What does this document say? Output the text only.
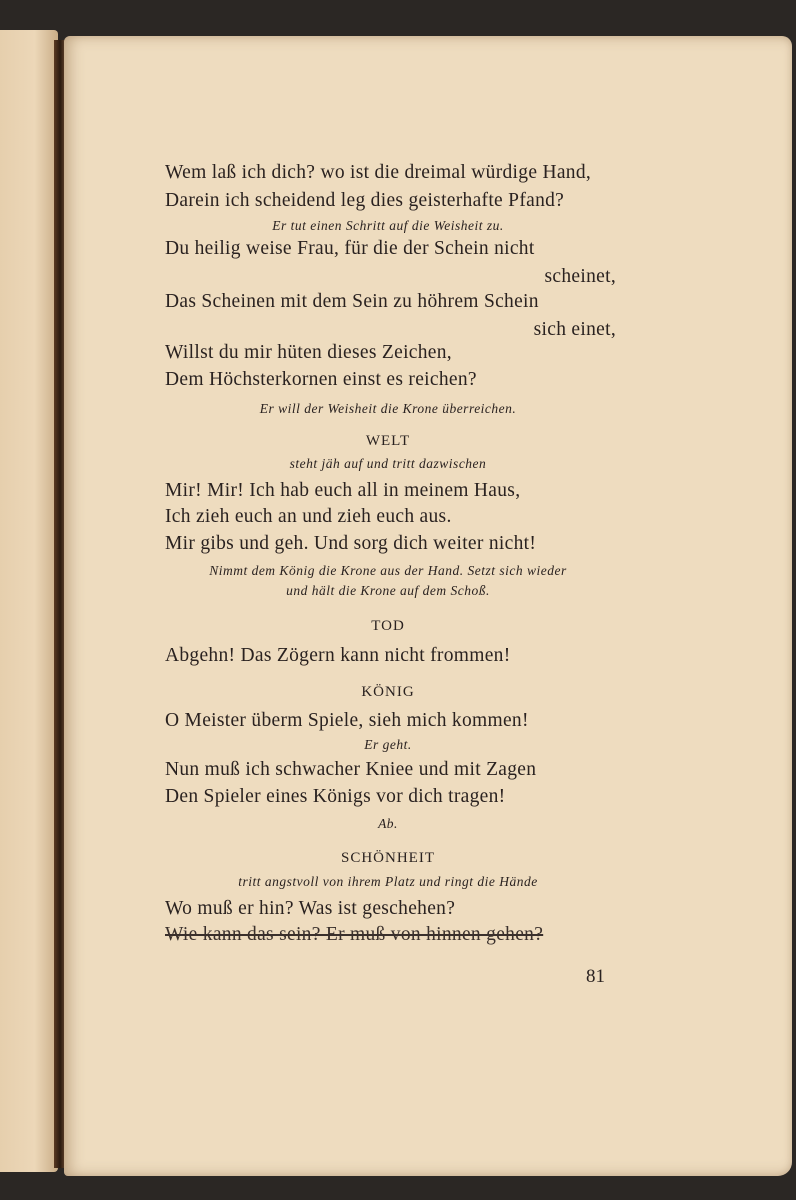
Wem laß ich dich? wo ist die dreimal würdige Hand,
Darein ich scheidend leg dies geisterhafte Pfand?
Er tut einen Schritt auf die Weisheit zu.
Du heilig weise Frau, für die der Schein nicht
scheinet,
Das Scheinen mit dem Sein zu höhrem Schein
sich einet,
Willst du mir hüten dieses Zeichen,
Dem Höchsterkornen einst es reichen?
Er will der Weisheit die Krone überreichen.
WELT
steht jäh auf und tritt dazwischen
Mir! Mir! Ich hab euch all in meinem Haus,
Ich zieh euch an und zieh euch aus.
Mir gibs und geh. Und sorg dich weiter nicht!
Nimmt dem König die Krone aus der Hand. Setzt sich wieder
und hält die Krone auf dem Schoß.
TOD
Abgehn! Das Zögern kann nicht frommen!
KÖNIG
O Meister überm Spiele, sieh mich kommen!
Er geht.
Nun muß ich schwacher Kniee und mit Zagen
Den Spieler eines Königs vor dich tragen!
Ab.
SCHÖNHEIT
tritt angstvoll von ihrem Platz und ringt die Hände
Wo muß er hin? Was ist geschehen?
Wie kann das sein? Er muß von hinnen gehen?
81
